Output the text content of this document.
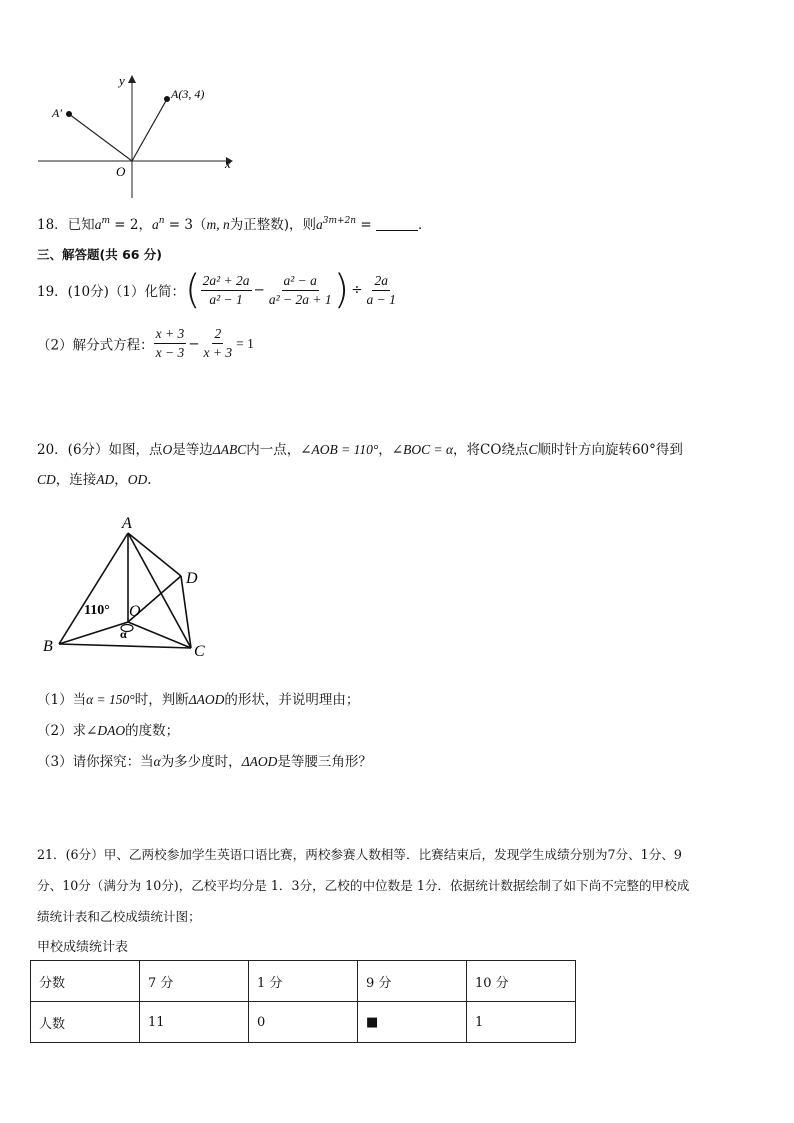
y
x
O
A(3, 4)
A′
18．已知$a^m = 2$，$a^n = 3(m$, n为正整数)，则$a^{3m+2n}$ =	．
三、解答题(共 66 分)
19．(10分)（1）化简：( $\frac{\text{2a² + 2a}}{\text{a² − 1}} - \frac{\text{a² − a}}{\text{a² − 2a + 1}}$ ) ÷ $\frac{2a}{a - 1}$
（2）解分式方程： $\frac{x + 3}{x - 3} - \frac{2}{x + 3} = 1$
20．(6分）如图，点O是等边ΔABC内一点，∠AOB = 110°，∠BOC = α，将CO绕点C顺时针方向旋转60°得到
CD，连接AD，OD.
A
B	C
D
O
110°
α
（1）当α = 150°时，判断ΔAOD的形状，并说明理由；
（2）求∠DAO的度数；
（3）请你探究：当α为多少度时，ΔAOD是等腰三角形？
21．(6分）甲、乙两校参加学生英语口语比赛，两校参赛人数相等．比赛结束后，发现学生成绩分别为7分、1分、9
分、10分（满分为 10分)，乙校平均分是 1．3分，乙校的中位数是 1分．依据统计数据绘制了如下尚不完整的甲校成
绩统计表和乙校成绩统计图；
甲校成绩统计表
分数	7 分	1 分	9 分	10 分
人数	11	0	■	1
